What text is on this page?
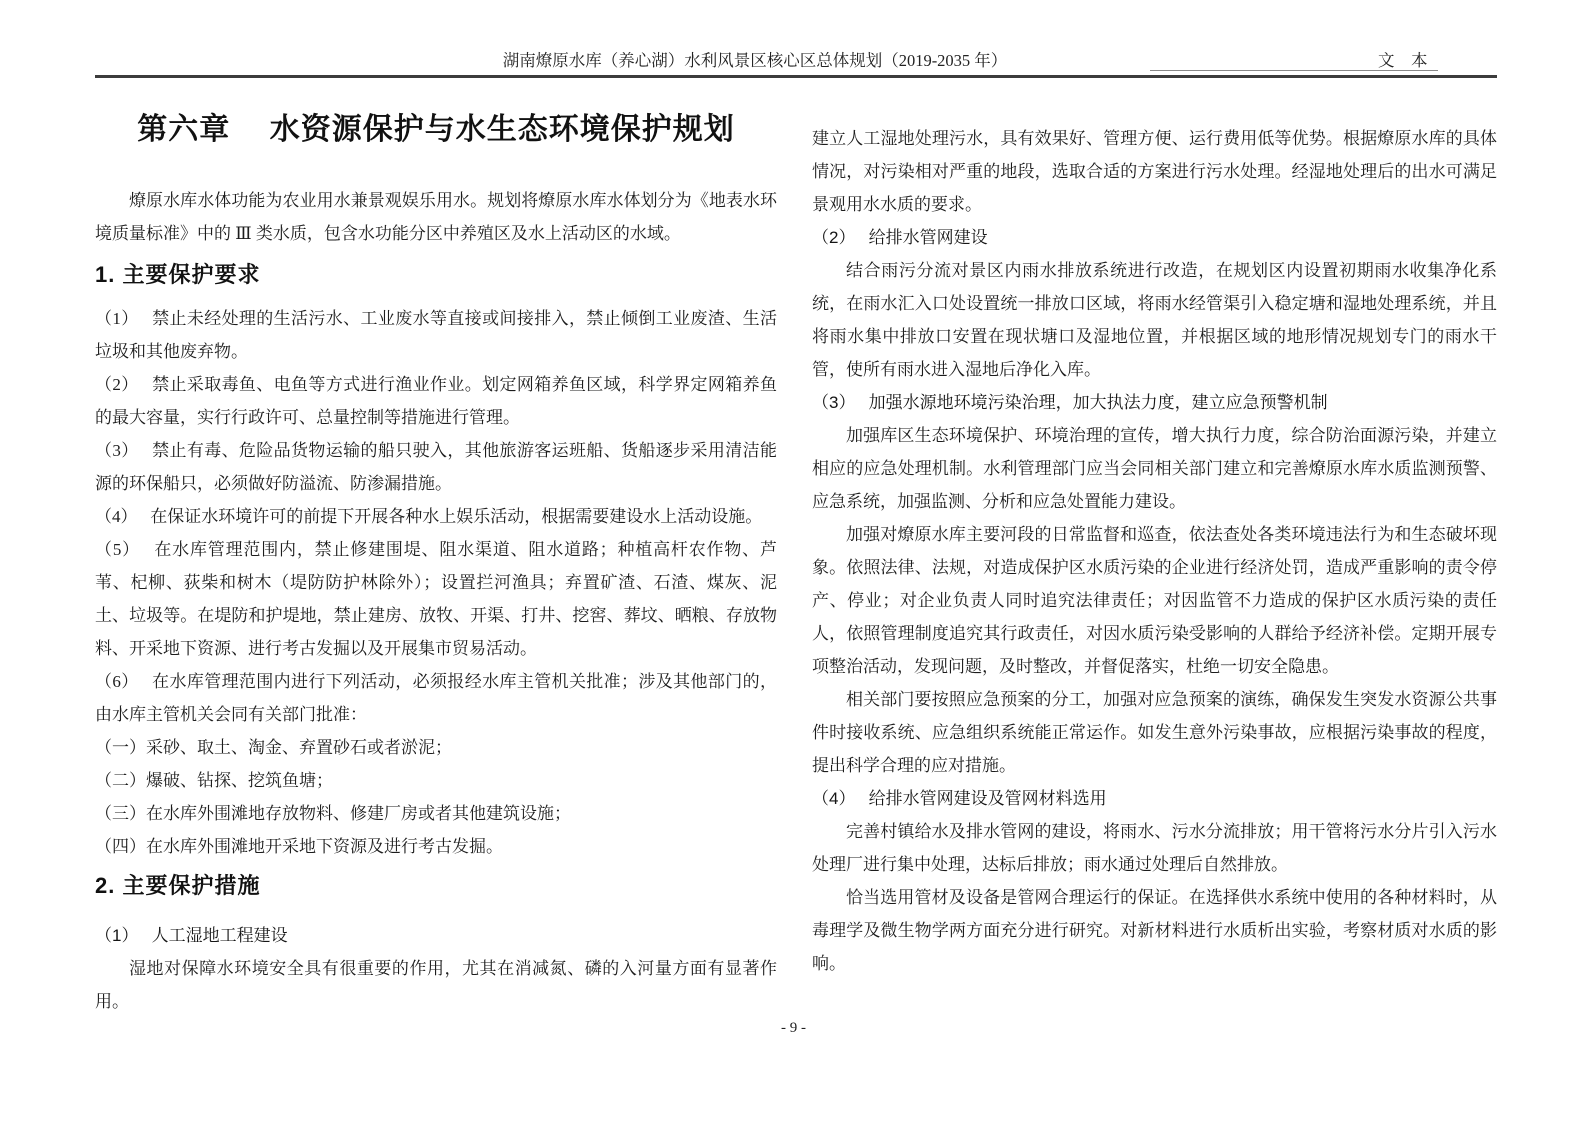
湖南燎原水库（养心湖）水利风景区核心区总体规划（2019-2035 年）	文　本

第六章　 水资源保护与水生态环境保护规划

燎原水库水体功能为农业用水兼景观娱乐用水。规划将燎原水库水体划分为《地表水环境质量标准》中的 Ⅲ 类水质，包含水功能分区中养殖区及水上活动区的水域。

1. 主要保护要求

（1）　 禁止未经处理的生活污水、工业废水等直接或间接排入，禁止倾倒工业废渣、生活垃圾和其他废弃物。

（2）　 禁止采取毒鱼、电鱼等方式进行渔业作业。划定网箱养鱼区域，科学界定网箱养鱼的最大容量，实行行政许可、总量控制等措施进行管理。

（3）　 禁止有毒、危险品货物运输的船只驶入，其他旅游客运班船、货船逐步采用清洁能源的环保船只，必须做好防溢流、防渗漏措施。

（4）　 在保证水环境许可的前提下开展各种水上娱乐活动，根据需要建设水上活动设施。

（5）　 在水库管理范围内，禁止修建围堤、阻水渠道、阻水道路；种植高杆农作物、芦苇、杞柳、荻柴和树木（堤防防护林除外）；设置拦河渔具；弃置矿渣、石渣、煤灰、泥土、垃圾等。在堤防和护堤地，禁止建房、放牧、开渠、打井、挖窖、葬坟、晒粮、存放物料、开采地下资源、进行考古发掘以及开展集市贸易活动。

（6）　 在水库管理范围内进行下列活动，必须报经水库主管机关批准；涉及其他部门的，由水库主管机关会同有关部门批准：

（一）采砂、取土、淘金、弃置砂石或者淤泥；

（二）爆破、钻探、挖筑鱼塘；

（三）在水库外围滩地存放物料、修建厂房或者其他建筑设施；

（四）在水库外围滩地开采地下资源及进行考古发掘。

2. 主要保护措施

（1）　 人工湿地工程建设

湿地对保障水环境安全具有很重要的作用，尤其在消减氮、磷的入河量方面有显著作用。

建立人工湿地处理污水，具有效果好、管理方便、运行费用低等优势。根据燎原水库的具体情况，对污染相对严重的地段，选取合适的方案进行污水处理。经湿地处理后的出水可满足景观用水水质的要求。

（2）　 给排水管网建设

结合雨污分流对景区内雨水排放系统进行改造，在规划区内设置初期雨水收集净化系统，在雨水汇入口处设置统一排放口区域，将雨水经管渠引入稳定塘和湿地处理系统，并且将雨水集中排放口安置在现状塘口及湿地位置，并根据区域的地形情况规划专门的雨水干管，使所有雨水进入湿地后净化入库。

（3）　 加强水源地环境污染治理，加大执法力度，建立应急预警机制

加强库区生态环境保护、环境治理的宣传，增大执行力度，综合防治面源污染，并建立相应的应急处理机制。水利管理部门应当会同相关部门建立和完善燎原水库水质监测预警、应急系统，加强监测、分析和应急处置能力建设。

加强对燎原水库主要河段的日常监督和巡查，依法查处各类环境违法行为和生态破坏现象。依照法律、法规，对造成保护区水质污染的企业进行经济处罚，造成严重影响的责令停产、停业；对企业负责人同时追究法律责任；对因监管不力造成的保护区水质污染的责任人，依照管理制度追究其行政责任，对因水质污染受影响的人群给予经济补偿。定期开展专项整治活动，发现问题，及时整改，并督促落实，杜绝一切安全隐患。

相关部门要按照应急预案的分工，加强对应急预案的演练，确保发生突发水资源公共事件时接收系统、应急组织系统能正常运作。如发生意外污染事故，应根据污染事故的程度，提出科学合理的应对措施。

（4）　 给排水管网建设及管网材料选用

完善村镇给水及排水管网的建设，将雨水、污水分流排放；用干管将污水分片引入污水处理厂进行集中处理，达标后排放；雨水通过处理后自然排放。

恰当选用管材及设备是管网合理运行的保证。在选择供水系统中使用的各种材料时，从毒理学及微生物学两方面充分进行研究。对新材料进行水质析出实验，考察材质对水质的影响。

- 9 -
